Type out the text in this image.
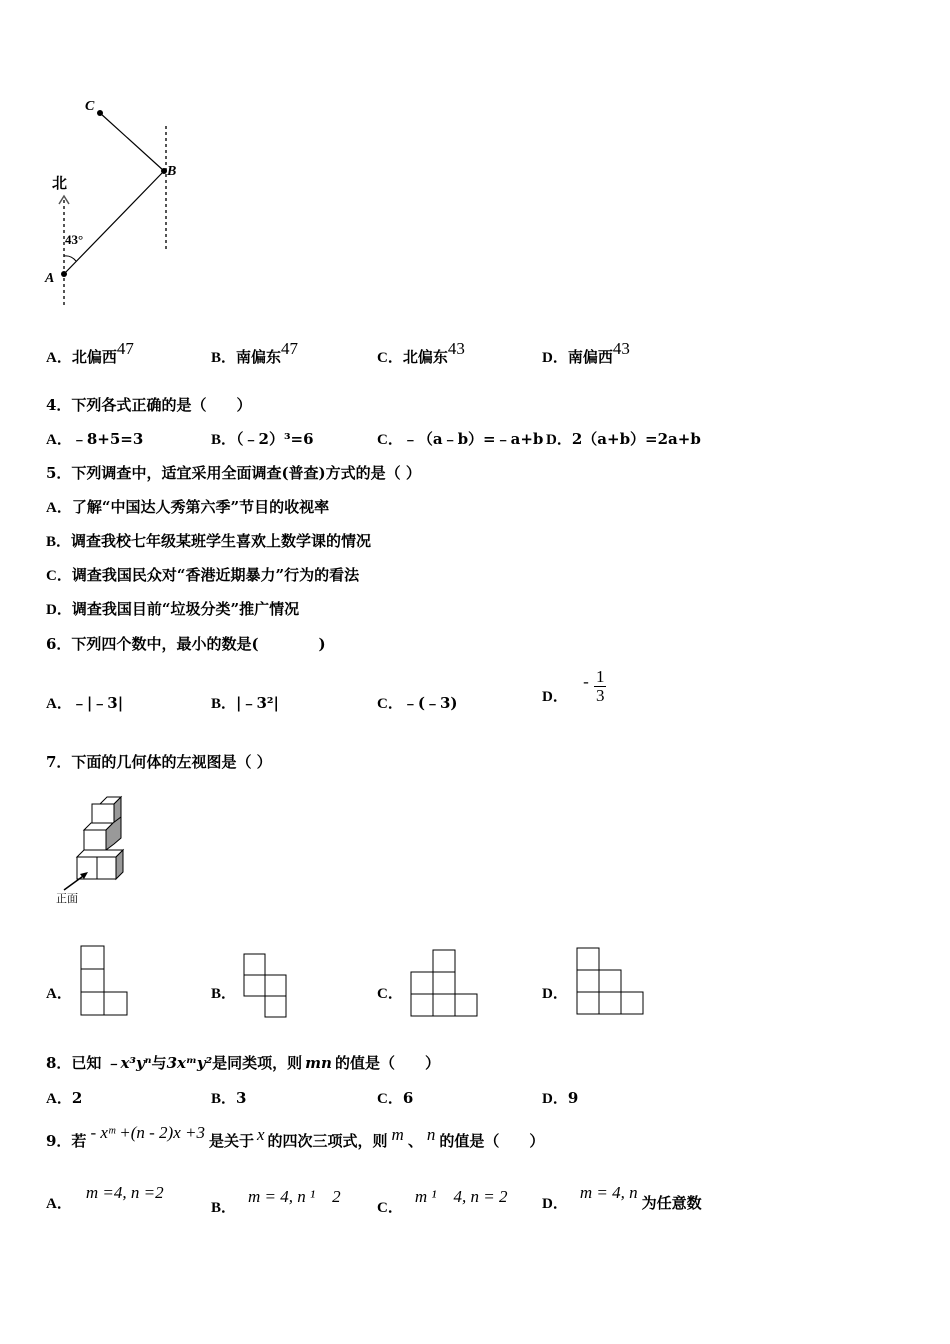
北
43°
A
B
C
A．北偏西47	B．南偏东47	C．北偏东43	D．南偏西43
4．下列各式正确的是（　　）
A．﹣8+5=3	B．（﹣2）³=6	C．﹣（a﹣b）=﹣a+b D．2（a+b）=2a+b
5．下列调查中，适宜采用全面调查(普查)方式的是（ ）
A．了解“中国达人秀第六季”节目的收视率
B．调查我校七年级某班学生喜欢上数学课的情况
C．调查我国民众对“香港近期暴力”行为的看法
D．调查我国目前“垃圾分类”推广情况
6．下列四个数中，最小的数是(　　　　)
A．﹣|﹣3|	B．|﹣3²|	C．﹣(﹣3)	D． - $\frac{1}{3}$
7．下面的几何体的左视图是（ ）
正面
A．	B．	C．	D．
8．已知 ﹣x³yⁿ与3xᵐy²是同类项，则 mn 的值是（　　）
A．2	B．3	C．6	D．9
9．若 - xᵐ +(n - 2)x +3 是关于 x 的四次三项式，则 m 、 n 的值是（　　）
A．m =4, n =2
B．m = 4, n ¹　2
C．m ¹　4, n = 2 D．m = 4, n为任意数
